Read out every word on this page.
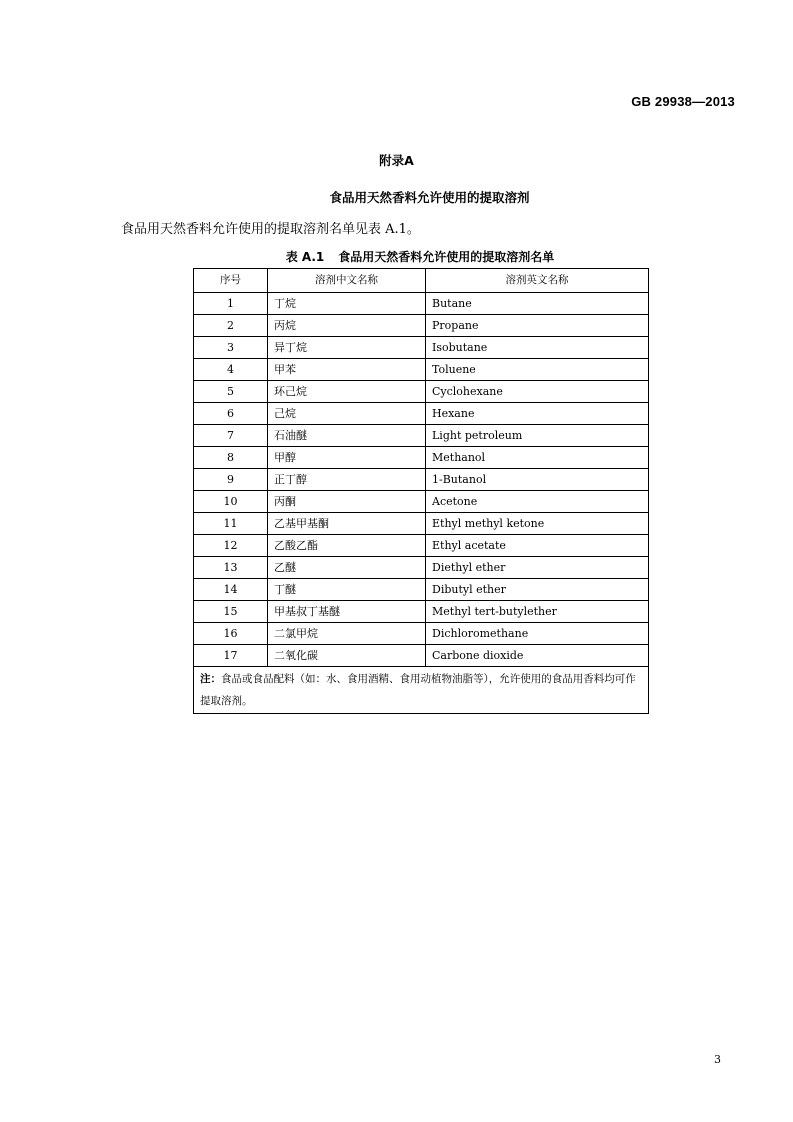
GB 29938—2013
附录A
食品用天然香料允许使用的提取溶剂
食品用天然香料允许使用的提取溶剂名单见表 A.1。
表 A.1 食品用天然香料允许使用的提取溶剂名单
序号	溶剂中文名称	溶剂英文名称
1	丁烷	Butane
2	丙烷	Propane
3	异丁烷	Isobutane
4	甲苯	Toluene
5	环己烷	Cyclohexane
6	己烷	Hexane
7	石油醚	Light petroleum
8	甲醇	Methanol
9	正丁醇	1-Butanol
10	丙酮	Acetone
11	乙基甲基酮	Ethyl methyl ketone
12	乙酸乙酯	Ethyl acetate
13	乙醚	Diethyl ether
14	丁醚	Dibutyl ether
15	甲基叔丁基醚	Methyl tert-butylether
16	二氯甲烷	Dichloromethane
17	二氧化碳	Carbone dioxide
注：食品或食品配料（如：水、食用酒精、食用动植物油脂等），允许使用的食品用香料均可作提取溶剂。		
3
